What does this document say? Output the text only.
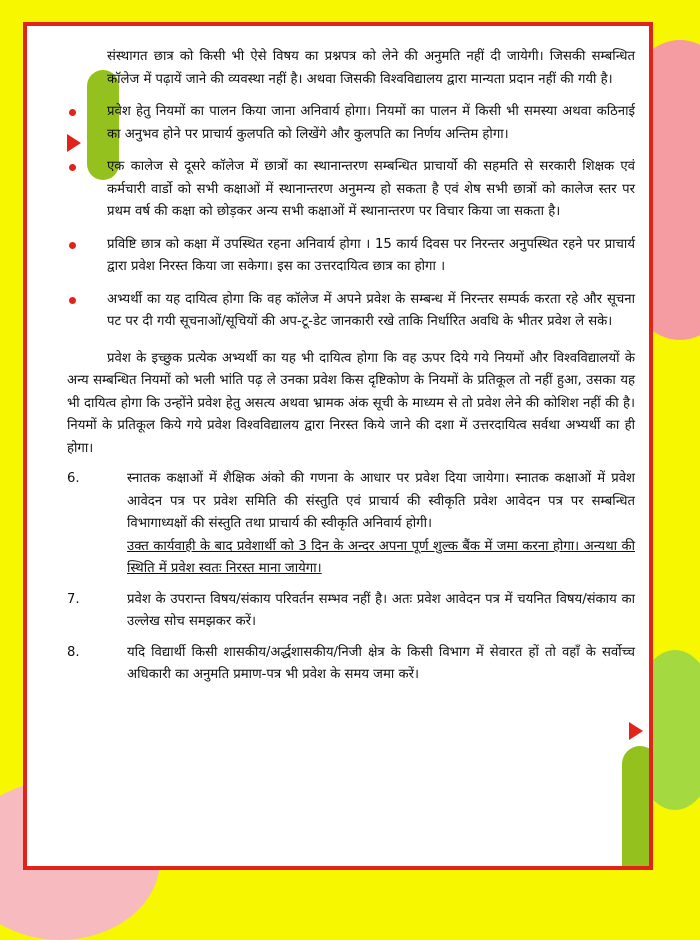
संस्थागत छात्र को किसी भी ऐसे विषय का प्रश्नपत्र को लेने की अनुमति नहीं दी जायेगी। जिसकी सम्बन्धित कॉलेज में पढ़ायें जाने की व्यवस्था नहीं है। अथवा जिसकी विश्वविद्यालय द्वारा मान्यता प्रदान नहीं की गयी है।

प्रवेश हेतु नियमों का पालन किया जाना अनिवार्य होगा। नियमों का पालन में किसी भी समस्या अथवा कठिनाई का अनुभव होने पर प्राचार्य कुलपति को लिखेंगे और कुलपति का निर्णय अन्तिम होगा।

एक कालेज से दूसरे कॉलेज में छात्रों का स्थानान्तरण सम्बन्धित प्राचार्यो की सहमति से सरकारी शिक्षक एवं कर्मचारी वार्डो को सभी कक्षाओं में स्थानान्तरण अनुमन्य हो सकता है एवं शेष सभी छात्रों को कालेज स्तर पर प्रथम वर्ष की कक्षा को छोड़कर अन्य सभी कक्षाओं में स्थानान्तरण पर विचार किया जा सकता है।

प्रविष्टि छात्र को कक्षा में उपस्थित रहना अनिवार्य होगा । 15 कार्य दिवस पर निरन्तर अनुपस्थित रहने पर प्राचार्य द्वारा प्रवेश निरस्त किया जा सकेगा। इस का उत्तरदायित्व छात्र का होगा ।

अभ्यर्थी का यह दायित्व होगा कि वह कॉलेज में अपने प्रवेश के सम्बन्ध में निरन्तर सम्पर्क करता रहे और सूचना पट पर दी गयी सूचनाओं/सूचियों की अप-टू-डेट जानकारी रखे ताकि निर्धारित अवधि के भीतर प्रवेश ले सके।

प्रवेश के इच्छुक प्रत्येक अभ्यर्थी का यह भी दायित्व होगा कि वह ऊपर दिये गये नियमों और विश्वविद्यालयों के अन्य सम्बन्धित नियमों को भली भांति पढ़ ले उनका प्रवेश किस दृष्टिकोण के नियमों के प्रतिकूल तो नहीं हुआ, उसका यह भी दायित्व होगा कि उन्होंने प्रवेश हेतु असत्य अथवा भ्रामक अंक सूची के माध्यम से तो प्रवेश लेने की कोशिश नहीं की है। नियमों के प्रतिकूल किये गये प्रवेश विश्वविद्यालय द्वारा निरस्त किये जाने की दशा में उत्तरदायित्व सर्वथा अभ्यर्थी का ही होगा।

6.	स्नातक कक्षाओं में शैक्षिक अंको की गणना के आधार पर प्रवेश दिया जायेगा। स्नातक कक्षाओं में प्रवेश आवेदन पत्र पर प्रवेश समिति की संस्तुति एवं प्राचार्य की स्वीकृति प्रवेश आवेदन पत्र पर सम्बन्धित विभागाध्यक्षों की संस्तुति तथा प्राचार्य की स्वीकृति अनिवार्य होगी।

उक्त कार्यवाही के बाद प्रवेशार्थी को 3 दिन के अन्दर अपना पूर्ण शुल्क बैंक में जमा करना होगा। अन्यथा की स्थिति में प्रवेश स्वतः निरस्त माना जायेगा।

7.	प्रवेश के उपरान्त विषय/संकाय परिवर्तन सम्भव नहीं है। अतः प्रवेश आवेदन पत्र में चयनित विषय/संकाय का उल्लेख सोच समझकर करें।

8.	यदि विद्यार्थी किसी शासकीय/अर्द्धशासकीय/निजी क्षेत्र के किसी विभाग में सेवारत हों तो वहाँ के सर्वोच्च अधिकारी का अनुमति प्रमाण-पत्र भी प्रवेश के समय जमा करें।
